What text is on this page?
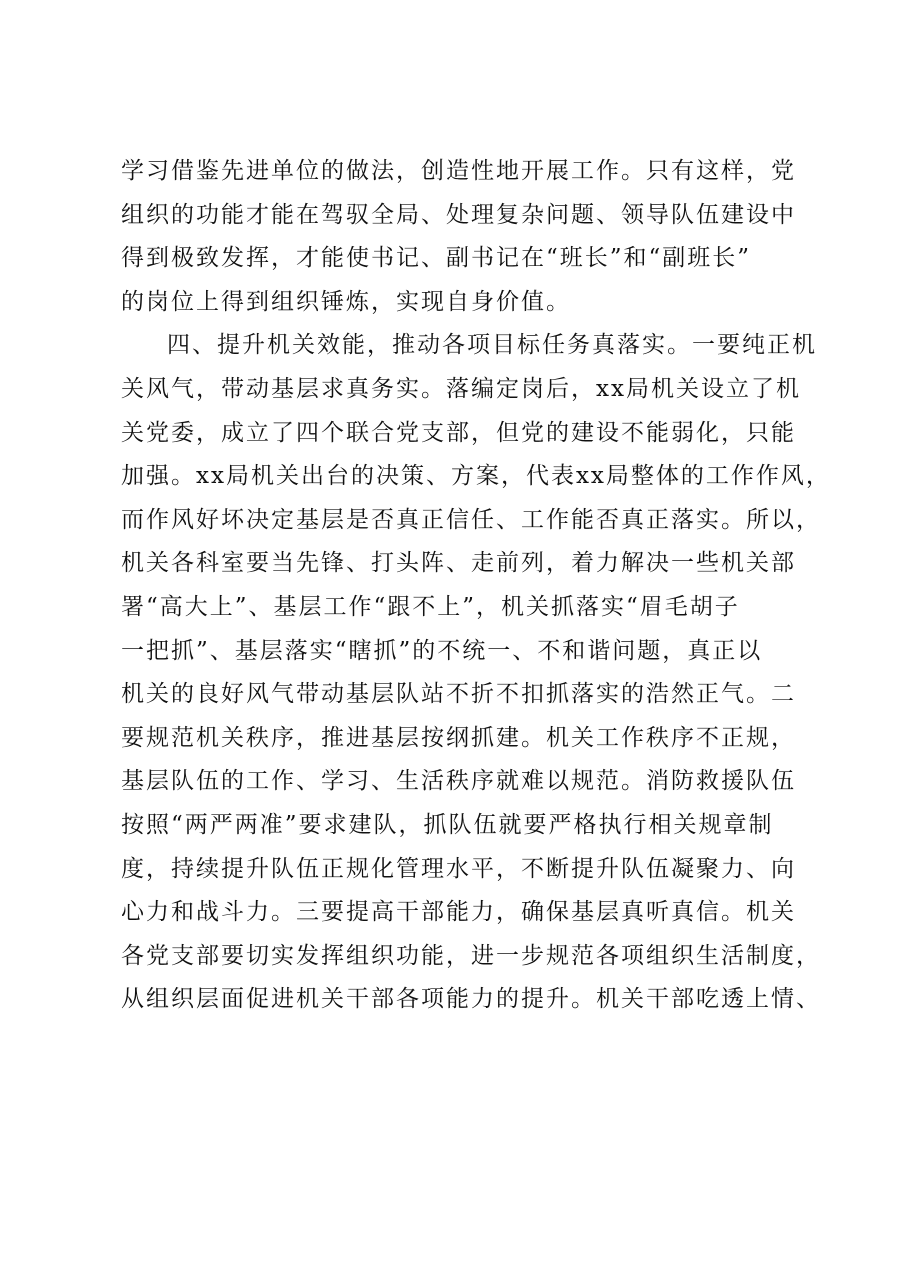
学习借鉴先进单位的做法，创造性地开展工作。只有这样，党
组织的功能才能在驾驭全局、处理复杂问题、领导队伍建设中
得到极致发挥，才能使书记、副书记在“班长”和“副班长”
的岗位上得到组织锤炼，实现自身价值。
四、提升机关效能，推动各项目标任务真落实。一要纯正机
关风气，带动基层求真务实。落编定岗后，xx局机关设立了机
关党委，成立了四个联合党支部，但党的建设不能弱化，只能
加强。xx局机关出台的决策、方案，代表xx局整体的工作作风，
而作风好坏决定基层是否真正信任、工作能否真正落实。所以，
机关各科室要当先锋、打头阵、走前列，着力解决一些机关部
署“高大上”、基层工作“跟不上”，机关抓落实“眉毛胡子
一把抓”、基层落实“瞎抓”的不统一、不和谐问题，真正以
机关的良好风气带动基层队站不折不扣抓落实的浩然正气。二
要规范机关秩序，推进基层按纲抓建。机关工作秩序不正规，
基层队伍的工作、学习、生活秩序就难以规范。消防救援队伍
按照“两严两准”要求建队，抓队伍就要严格执行相关规章制
度，持续提升队伍正规化管理水平，不断提升队伍凝聚力、向
心力和战斗力。三要提高干部能力，确保基层真听真信。机关
各党支部要切实发挥组织功能，进一步规范各项组织生活制度，
从组织层面促进机关干部各项能力的提升。机关干部吃透上情、
